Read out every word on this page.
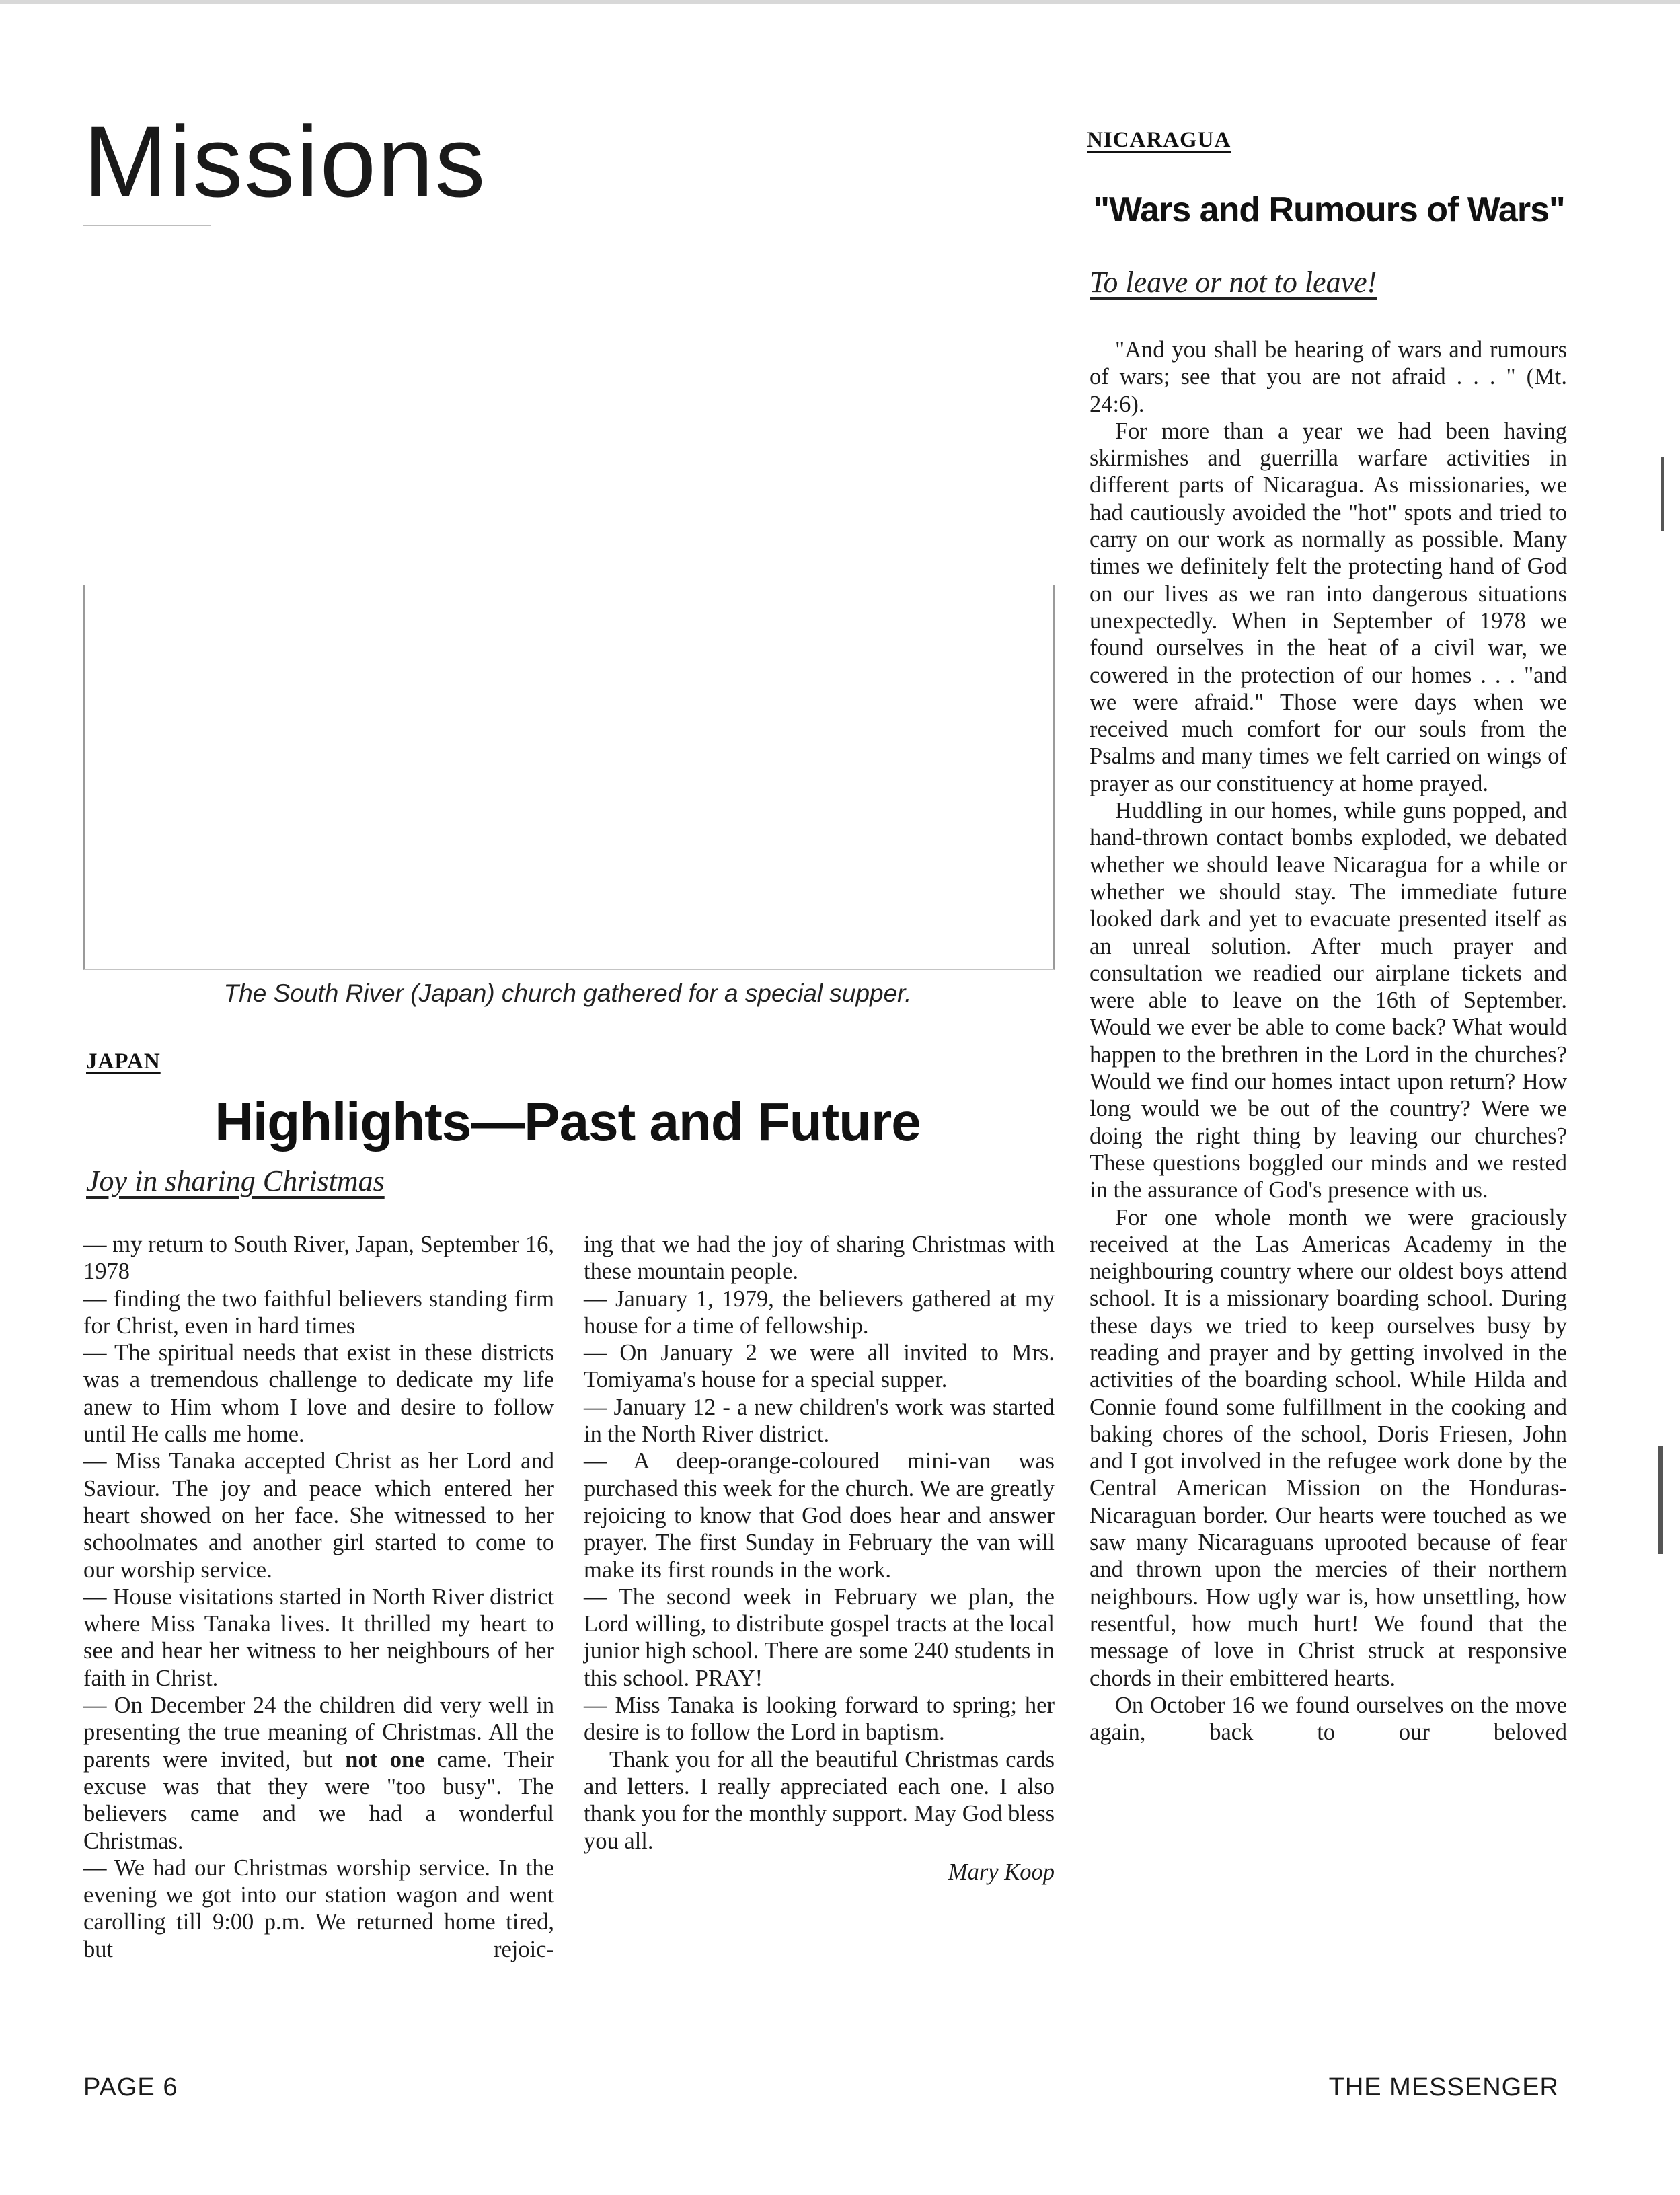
Missions
The South River (Japan) church gathered for a special supper.
JAPAN
Highlights—Past and Future
Joy in sharing Christmas

— my return to South River, Japan, September 16, 1978

— finding the two faithful believers standing firm for Christ, even in hard times

— The spiritual needs that exist in these districts was a tremendous challenge to dedicate my life anew to Him whom I love and desire to follow until He calls me home.

— Miss Tanaka accepted Christ as her Lord and Saviour. The joy and peace which entered her heart showed on her face. She witnessed to her schoolmates and another girl started to come to our worship service.

— House visitations started in North River district where Miss Tanaka lives. It thrilled my heart to see and hear her witness to her neighbours of her faith in Christ.

— On December 24 the children did very well in presenting the true meaning of Christmas. All the parents were invited, but not one came. Their excuse was that they were "too busy". The believers came and we had a wonderful Christmas.

— We had our Christmas worship service. In the evening we got into our station wagon and went carolling till 9:00 p.m. We returned home tired, but rejoic-

ing that we had the joy of sharing Christmas with these mountain people.

— January 1, 1979, the believers gathered at my house for a time of fellowship.

— On January 2 we were all invited to Mrs. Tomiyama's house for a special supper.

— January 12 - a new children's work was started in the North River district.

— A deep-orange-coloured mini-van was purchased this week for the church. We are greatly rejoicing to know that God does hear and answer prayer. The first Sunday in February the van will make its first rounds in the work.

— The second week in February we plan, the Lord willing, to distribute gospel tracts at the local junior high school. There are some 240 students in this school. PRAY!

— Miss Tanaka is looking forward to spring; her desire is to follow the Lord in baptism.

Thank you for all the beautiful Christmas cards and letters. I really appreciated each one. I also thank you for the monthly support. May God bless you all.

Mary Koop
NICARAGUA
"Wars and Rumours of Wars"
To leave or not to leave!

"And you shall be hearing of wars and rumours of wars; see that you are not afraid . . . " (Mt. 24:6).

For more than a year we had been having skirmishes and guerrilla warfare activities in different parts of Nicaragua. As missionaries, we had cautiously avoided the "hot" spots and tried to carry on our work as normally as possible. Many times we definitely felt the protecting hand of God on our lives as we ran into dangerous situations unexpectedly. When in September of 1978 we found ourselves in the heat of a civil war, we cowered in the protection of our homes . . . "and we were afraid." Those were days when we received much comfort for our souls from the Psalms and many times we felt carried on wings of prayer as our constituency at home prayed.

Huddling in our homes, while guns popped, and hand-thrown contact bombs exploded, we debated whether we should leave Nicaragua for a while or whether we should stay. The immediate future looked dark and yet to evacuate presented itself as an unreal solution. After much prayer and consultation we readied our airplane tickets and were able to leave on the 16th of September. Would we ever be able to come back? What would happen to the brethren in the Lord in the churches? Would we find our homes intact upon return? How long would we be out of the country? Were we doing the right thing by leaving our churches? These questions boggled our minds and we rested in the assurance of God's presence with us.

For one whole month we were graciously received at the Las Americas Academy in the neighbouring country where our oldest boys attend school. It is a missionary boarding school. During these days we tried to keep ourselves busy by reading and prayer and by getting involved in the activities of the boarding school. While Hilda and Connie found some fulfillment in the cooking and baking chores of the school, Doris Friesen, John and I got involved in the refugee work done by the Central American Mission on the Honduras-Nicaraguan border. Our hearts were touched as we saw many Nicaraguans uprooted because of fear and thrown upon the mercies of their northern neighbours. How ugly war is, how unsettling, how resentful, how much hurt! We found that the message of love in Christ struck at responsive chords in their embittered hearts.

On October 16 we found ourselves on the move again, back to our beloved

PAGE 6	THE MESSENGER
